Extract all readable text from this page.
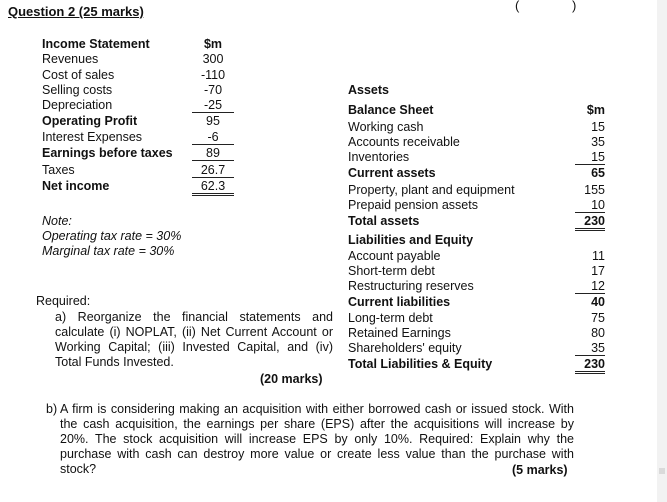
Question 2 (25 marks)	(	)
Income Statement	$m
Revenues	300
Cost of sales	-110
Selling costs	-70
Depreciation	-25
Operating Profit	95
Interest Expenses	-6
Earnings before taxes	89
Taxes	26.7
Net income	62.3
Note:
Operating tax rate = 30%
Marginal tax rate = 30%
Assets
Balance Sheet	$m
Working cash	15
Accounts receivable	35
Inventories	15
Current assets	65
Property, plant and equipment	155
Prepaid pension assets	10
Total assets	230
Liabilities and Equity
Account payable	11
Short-term debt	17
Restructuring reserves	12
Current liabilities	40
Long-term debt	75
Retained Earnings	80
Shareholders' equity	35
Total Liabilities & Equity	230
Required:
a) Reorganize the financial statements and calculate (i) NOPLAT, (ii) Net Current Account or Working Capital; (iii) Invested Capital, and (iv) Total Funds Invested.
(20 marks)
b) A firm is considering making an acquisition with either borrowed cash or issued stock. With the cash acquisition, the earnings per share (EPS) after the acquisitions will increase by 20%. The stock acquisition will increase EPS by only 10%. Required: Explain why the purchase with cash can destroy more value or create less value than the purchase with stock?	(5 marks)
